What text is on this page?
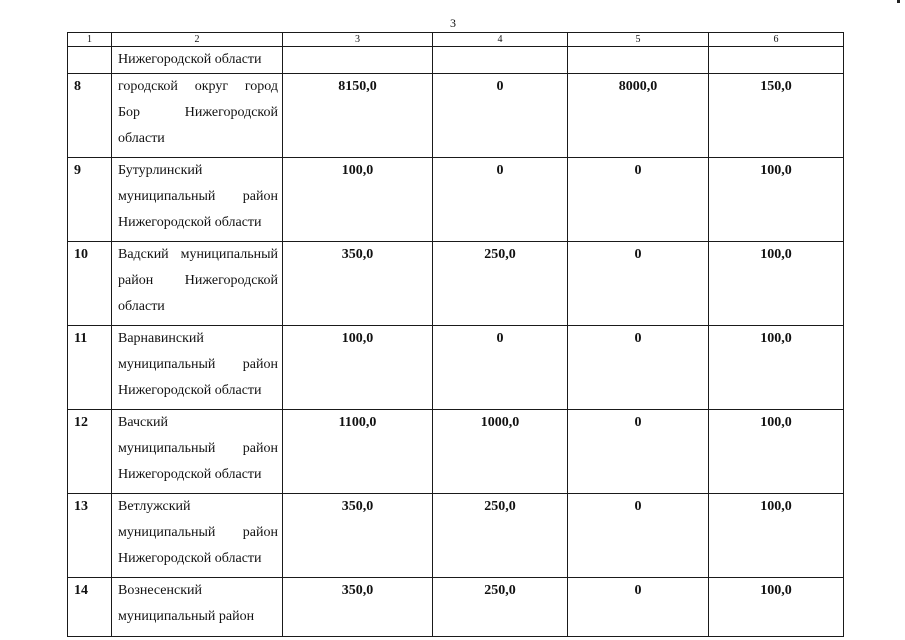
3
1	2	3	4	5	6

	Нижегородской области				

8	городской округ город
Бор Нижегородской
области	8150,0	0	8000,0	150,0
9	Бутурлинский
муниципальный район
Нижегородской области	100,0	0	0	100,0
10	Вадский муниципальный
район Нижегородской
области	350,0	250,0	0	100,0
11	Варнавинский
муниципальный район
Нижегородской области	100,0	0	0	100,0
12	Вачский
муниципальный район
Нижегородской области	1100,0	1000,0	0	100,0
13	Ветлужский
муниципальный район
Нижегородской области	350,0	250,0	0	100,0
14	Вознесенский
муниципальный район	350,0	250,0	0	100,0
